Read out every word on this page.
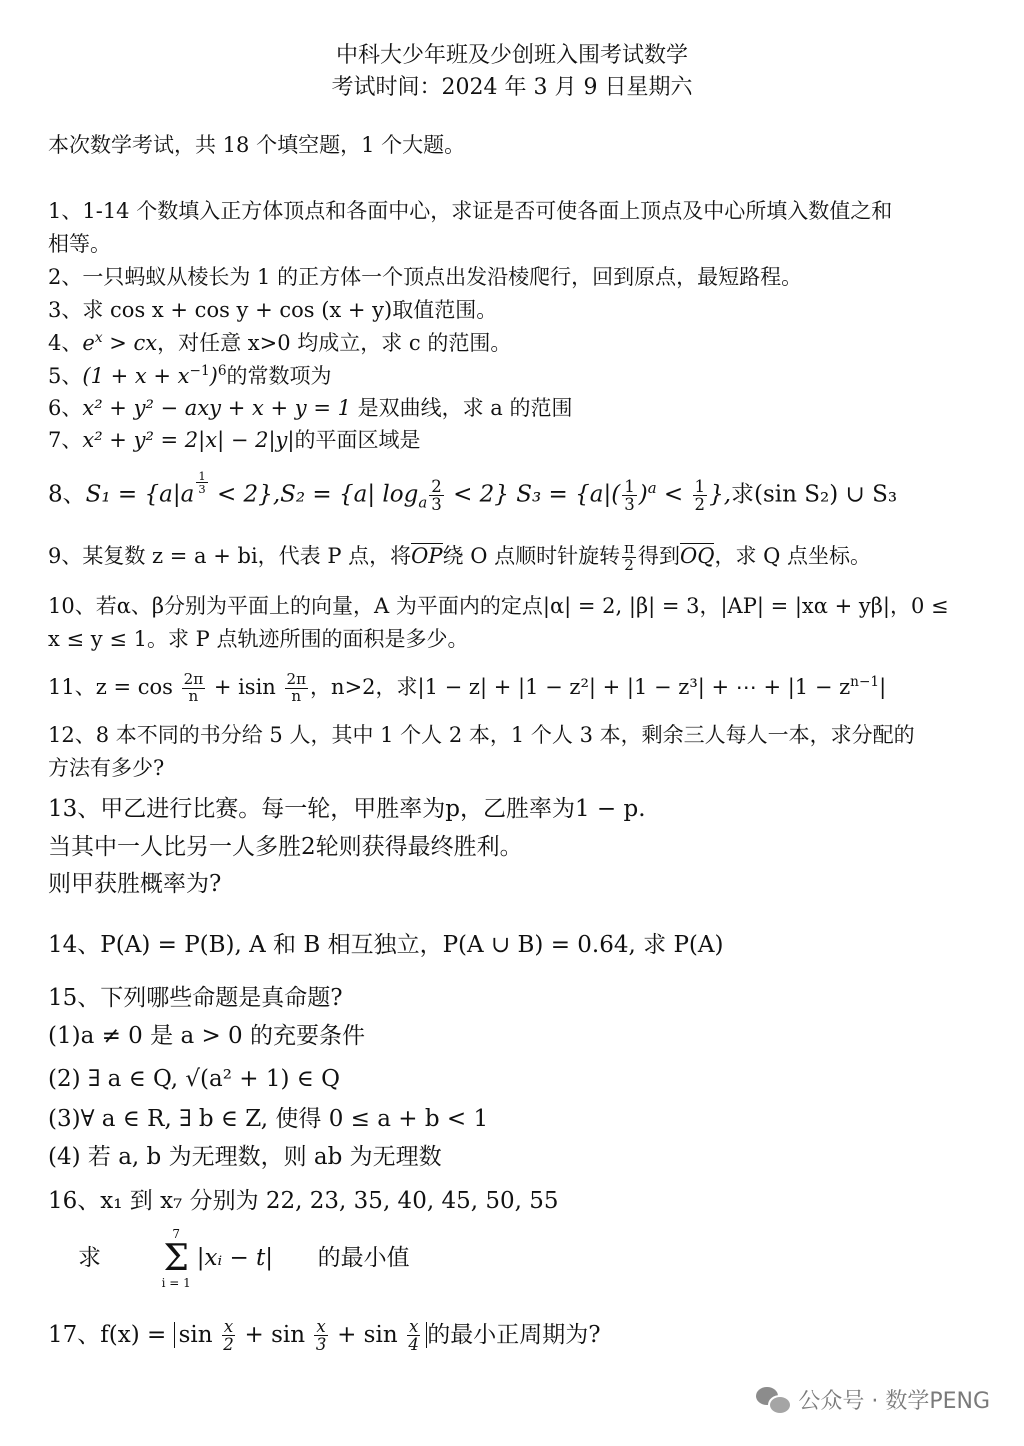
中科大少年班及少创班入围考试数学
考试时间：2024 年 3 月 9 日星期六
本次数学考试，共 18 个填空题，1 个大题。
1、1-14 个数填入正方体顶点和各面中心，求证是否可使各面上顶点及中心所填入数值之和
相等。
2、一只蚂蚁从棱长为 1 的正方体一个顶点出发沿棱爬行，回到原点，最短路程。
3、求 cos x + cos y + cos (x + y)取值范围。
4、$e^x$ > cx，对任意 x>0 均成立，求 c 的范围。
5、$(1 + x + x^{-1})^6$的常数项为
6、x² + y² − axy + x + y = 1 是双曲线，求 a 的范围
7、x² + y² = 2|x| − 2|y|的平面区域是
8、$S_1 = \{a|a \frac{1}{3} < 2\},S_2 = \{a|$ $\log_a \frac{2}{3} < 2$} $S_3 = \{a|( \frac{1}{3} )^a < \frac{1}{2}$ },求(sin S₂) ∪ S₃
9、某复数 z = a + bi，代表 P 点，将OP绕 O 点顺时针旋转 $\frac{\pi}{2}$ 得到OQ，求 Q 点坐标。
10、若α、β分别为平面上的向量，A 为平面内的定点|α| = 2, |β| = 3，|AP| = |xα + yβ|，0 ≤
x ≤ y ≤ 1。求 P 点轨迹所围的面积是多少。
11、$z = \cos \frac{2\pi}{n} + isin \frac{2\pi}{n}$ ，n>2，求|1 − z| + |1 − z²| + |1 − z³| + ⋯ + $|1 - z^{n-1}|$
12、8 本不同的书分给 5 人，其中 1 个人 2 本，1 个人 3 本，剩余三人每人一本，求分配的
方法有多少?
13、甲乙进行比赛。每一轮，甲胜率为p，乙胜率为1 − p.
当其中一人比另一人多胜2轮则获得最终胜利。
则甲获胜概率为?
14、P(A) = P(B), A 和 B 相互独立，P(A ∪ B) = 0.64, 求 P(A)
15、下列哪些命题是真命题?
(1)a ≠ 0 是 a > 0 的充要条件
(2) ∃ a ∈ Q, √(a² + 1) ∈ Q
(3)∀ a ∈ R, ∃ b ∈ Z, 使得 0 ≤ a + b < 1
(4) 若 a, b 为无理数，则 ab 为无理数
16、x₁ 到 x₇ 分别为 22, 23, 35, 40, 45, 50, 55
求
7
Σ
i = 1
|xᵢ − t| 的最小值
17、$f(x) = \sin \frac{x}{2} + \sin \frac{x}{3} + \sin \frac{x}{4}$ 的最小正周期为?
公众号 · 数学PENG
